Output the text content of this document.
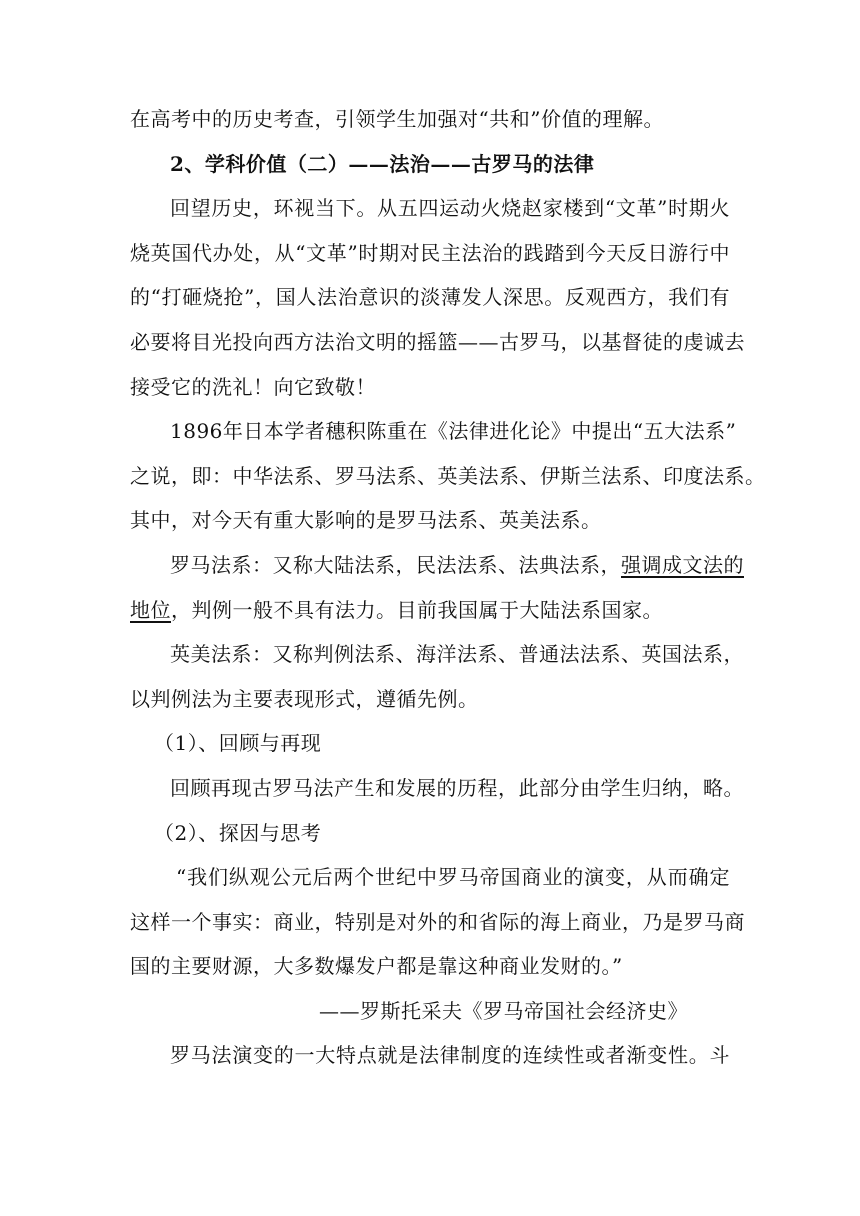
在高考中的历史考查，引领学生加强对“共和”价值的理解。
2、学科价值（二）——法治——古罗马的法律
回望历史，环视当下。从五四运动火烧赵家楼到“文革”时期火
烧英国代办处，从“文革”时期对民主法治的践踏到今天反日游行中
的“打砸烧抢”，国人法治意识的淡薄发人深思。反观西方，我们有
必要将目光投向西方法治文明的摇篮——古罗马，以基督徒的虔诚去
接受它的洗礼！向它致敬！
1896年日本学者穗积陈重在《法律进化论》中提出“五大法系”
之说，即：中华法系、罗马法系、英美法系、伊斯兰法系、印度法系。
其中，对今天有重大影响的是罗马法系、英美法系。
罗马法系：又称大陆法系，民法法系、法典法系，强调成文法的
地位，判例一般不具有法力。目前我国属于大陆法系国家。
英美法系：又称判例法系、海洋法系、普通法法系、英国法系，
以判例法为主要表现形式，遵循先例。
（1）、回顾与再现
回顾再现古罗马法产生和发展的历程，此部分由学生归纳，略。
（2）、探因与思考
“我们纵观公元后两个世纪中罗马帝国商业的演变，从而确定
这样一个事实：商业，特别是对外的和省际的海上商业，乃是罗马商
国的主要财源，大多数爆发户都是靠这种商业发财的。”
——罗斯托采夫《罗马帝国社会经济史》
罗马法演变的一大特点就是法律制度的连续性或者渐变性。斗
